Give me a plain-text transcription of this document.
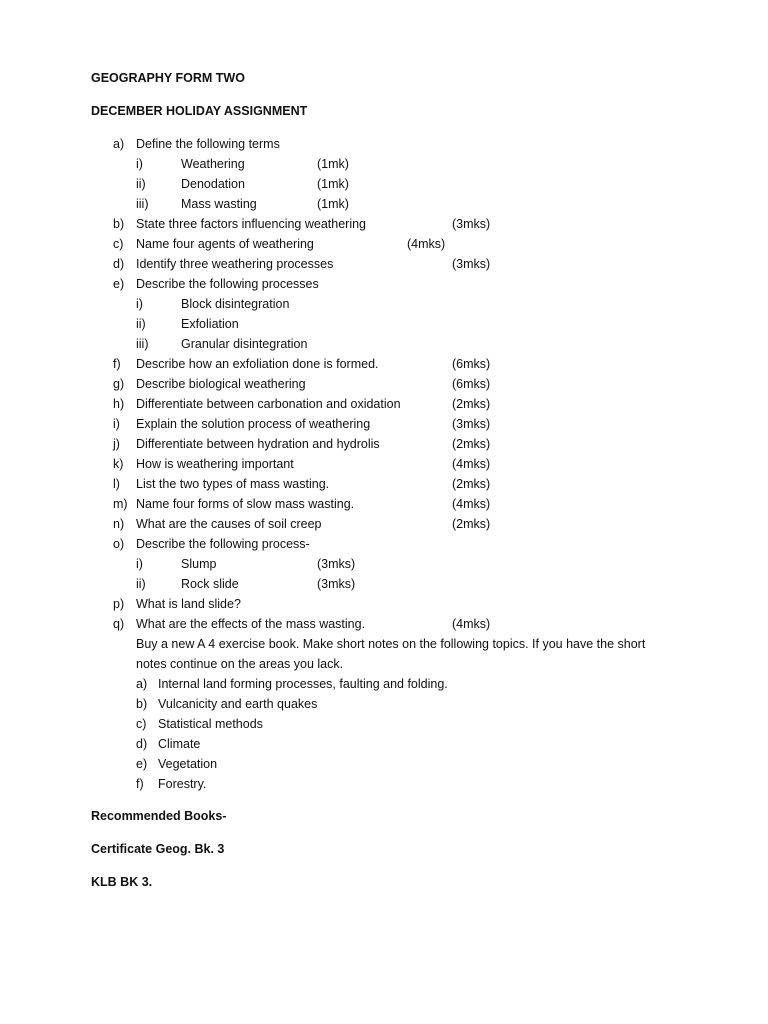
GEOGRAPHY FORM TWO
DECEMBER HOLIDAY ASSIGNMENT
a) Define the following terms
i)	Weathering	(1mk)
ii)	Denodation	(1mk)
iii)	Mass wasting	(1mk)
b) State three factors influencing weathering	(3mks)
c) Name four agents of weathering	(4mks)
d) Identify three weathering processes	(3mks)
e) Describe the following processes
i)	Block disintegration
ii)	Exfoliation
iii)	Granular disintegration
f) Describe how an exfoliation done is formed.	(6mks)
g) Describe biological weathering	(6mks)
h) Differentiate between carbonation and oxidation	(2mks)
i) Explain the solution process of weathering	(3mks)
j) Differentiate between hydration and hydrolis	(2mks)
k) How is weathering important	(4mks)
l) List the two types of mass wasting.	(2mks)
m) Name four forms of slow mass wasting.	(4mks)
n) What are the causes of soil creep	(2mks)
o) Describe the following process-
i)	Slump	(3mks)
ii)	Rock slide	(3mks)
p) What is land slide?
q) What are the effects of the mass wasting.	(4mks)
Buy a new A 4 exercise book. Make short notes on the following topics. If you have the short
notes continue on the areas you lack.
a) Internal land forming processes, faulting and folding.
b) Vulcanicity and earth quakes
c) Statistical methods
d) Climate
e) Vegetation
f) Forestry.
Recommended Books-
Certificate Geog. Bk. 3
KLB BK 3.
